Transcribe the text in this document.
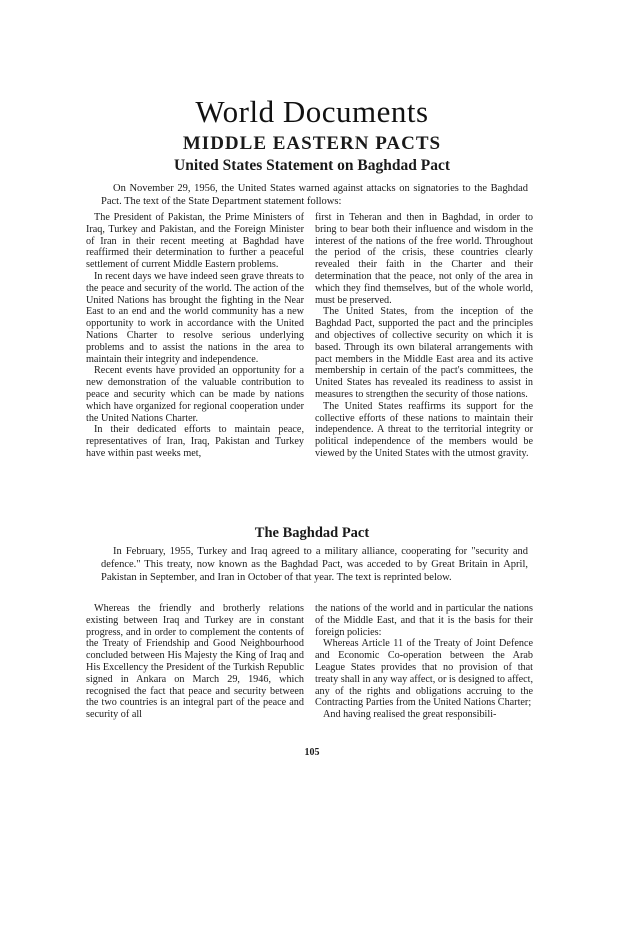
World Documents
MIDDLE EASTERN PACTS
United States Statement on Baghdad Pact

On November 29, 1956, the United States warned against attacks on signatories to the Baghdad Pact. The text of the State Department statement follows:

The President of Pakistan, the Prime Ministers of Iraq, Turkey and Pakistan, and the Foreign Minister of Iran in their recent meeting at Baghdad have reaffirmed their determination to further a peaceful settlement of current Middle Eastern problems.

In recent days we have indeed seen grave threats to the peace and security of the world. The action of the United Nations has brought the fighting in the Near East to an end and the world community has a new opportunity to work in accordance with the United Nations Charter to resolve serious underlying problems and to assist the nations in the area to maintain their integrity and independence.

Recent events have provided an opportunity for a new demonstration of the valuable contribution to peace and security which can be made by nations which have organized for regional cooperation under the United Nations Charter.

In their dedicated efforts to maintain peace, representatives of Iran, Iraq, Pakistan and Turkey have within past weeks met,

first in Teheran and then in Baghdad, in order to bring to bear both their influence and wisdom in the interest of the nations of the free world. Throughout the period of the crisis, these countries clearly revealed their faith in the Charter and their determination that the peace, not only of the area in which they find themselves, but of the whole world, must be preserved.

The United States, from the inception of the Baghdad Pact, supported the pact and the principles and objectives of collective security on which it is based. Through its own bilateral arrangements with pact members in the Middle East area and its active membership in certain of the pact's committees, the United States has revealed its readiness to assist in measures to strengthen the security of those nations.

The United States reaffirms its support for the collective efforts of these nations to maintain their independence. A threat to the territorial integrity or political independence of the members would be viewed by the United States with the utmost gravity.

The Baghdad Pact

In February, 1955, Turkey and Iraq agreed to a military alliance, cooperating for "security and defence." This treaty, now known as the Baghdad Pact, was acceded to by Great Britain in April, Pakistan in September, and Iran in October of that year. The text is reprinted below.

Whereas the friendly and brotherly relations existing between Iraq and Turkey are in constant progress, and in order to complement the contents of the Treaty of Friendship and Good Neighbourhood concluded between His Majesty the King of Iraq and His Excellency the President of the Turkish Republic signed in Ankara on March 29, 1946, which recognised the fact that peace and security between the two countries is an integral part of the peace and security of all

the nations of the world and in particular the nations of the Middle East, and that it is the basis for their foreign policies:

Whereas Article 11 of the Treaty of Joint Defence and Economic Co-operation between the Arab League States provides that no provision of that treaty shall in any way affect, or is designed to affect, any of the rights and obligations accruing to the Contracting Parties from the United Nations Charter;

And having realised the great responsibili-

105
